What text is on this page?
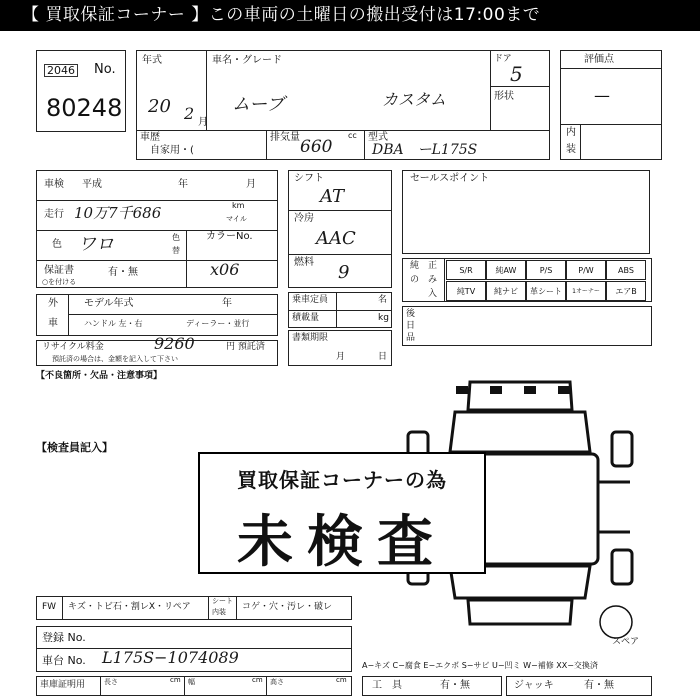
【 買取保証コーナー 】この車両の土曜日の搬出受付は17:00まで
2046 No.
80248
年式	車名・グレード	ドア
5
形状
20 2 月
ムーブ	カスタム
車歴
自家用・(
排気量 660
cc 型式
DBA　ーL175S
評価点
—
内
装
車検 平成	年	月
走行 10万7千686	km
マイル
色 ワロ	色
替
カラーNo.
x06
保証書
○を付ける
有・無
外
車
モデル年式	年
ハンドル 左・右	ディーラー・並行
リサイクル料金	9260	円 預託済
預託済の場合は、金額を記入して下さい
【不良箇所・欠品・注意事項】
シフト
AT
冷房
AAC
燃料 9
乗車定員	名
積載量	kg
書類期限
月	日
セールスポイント
純 正
の み
入
S/R	純AW	P/S	P/W	ABS
純TV	純ナビ	革シート	1オーナー	エアB
後
日
品
【検査員記入】
スペア
買取保証コーナーの為
未検査
FW キズ・トビ石・割レX・リペア
シート
内装 コゲ・穴・汚レ・破レ
登録 No.
車台 No. L175S−1074089
車庫証明用	長さ	cm 幅	cm 高さ	cm
A−キズ C−腐食 E−エクボ S−サビ U−凹ミ W−補修 XX−交換済
工　具	有・無	ジャッキ	有・無
